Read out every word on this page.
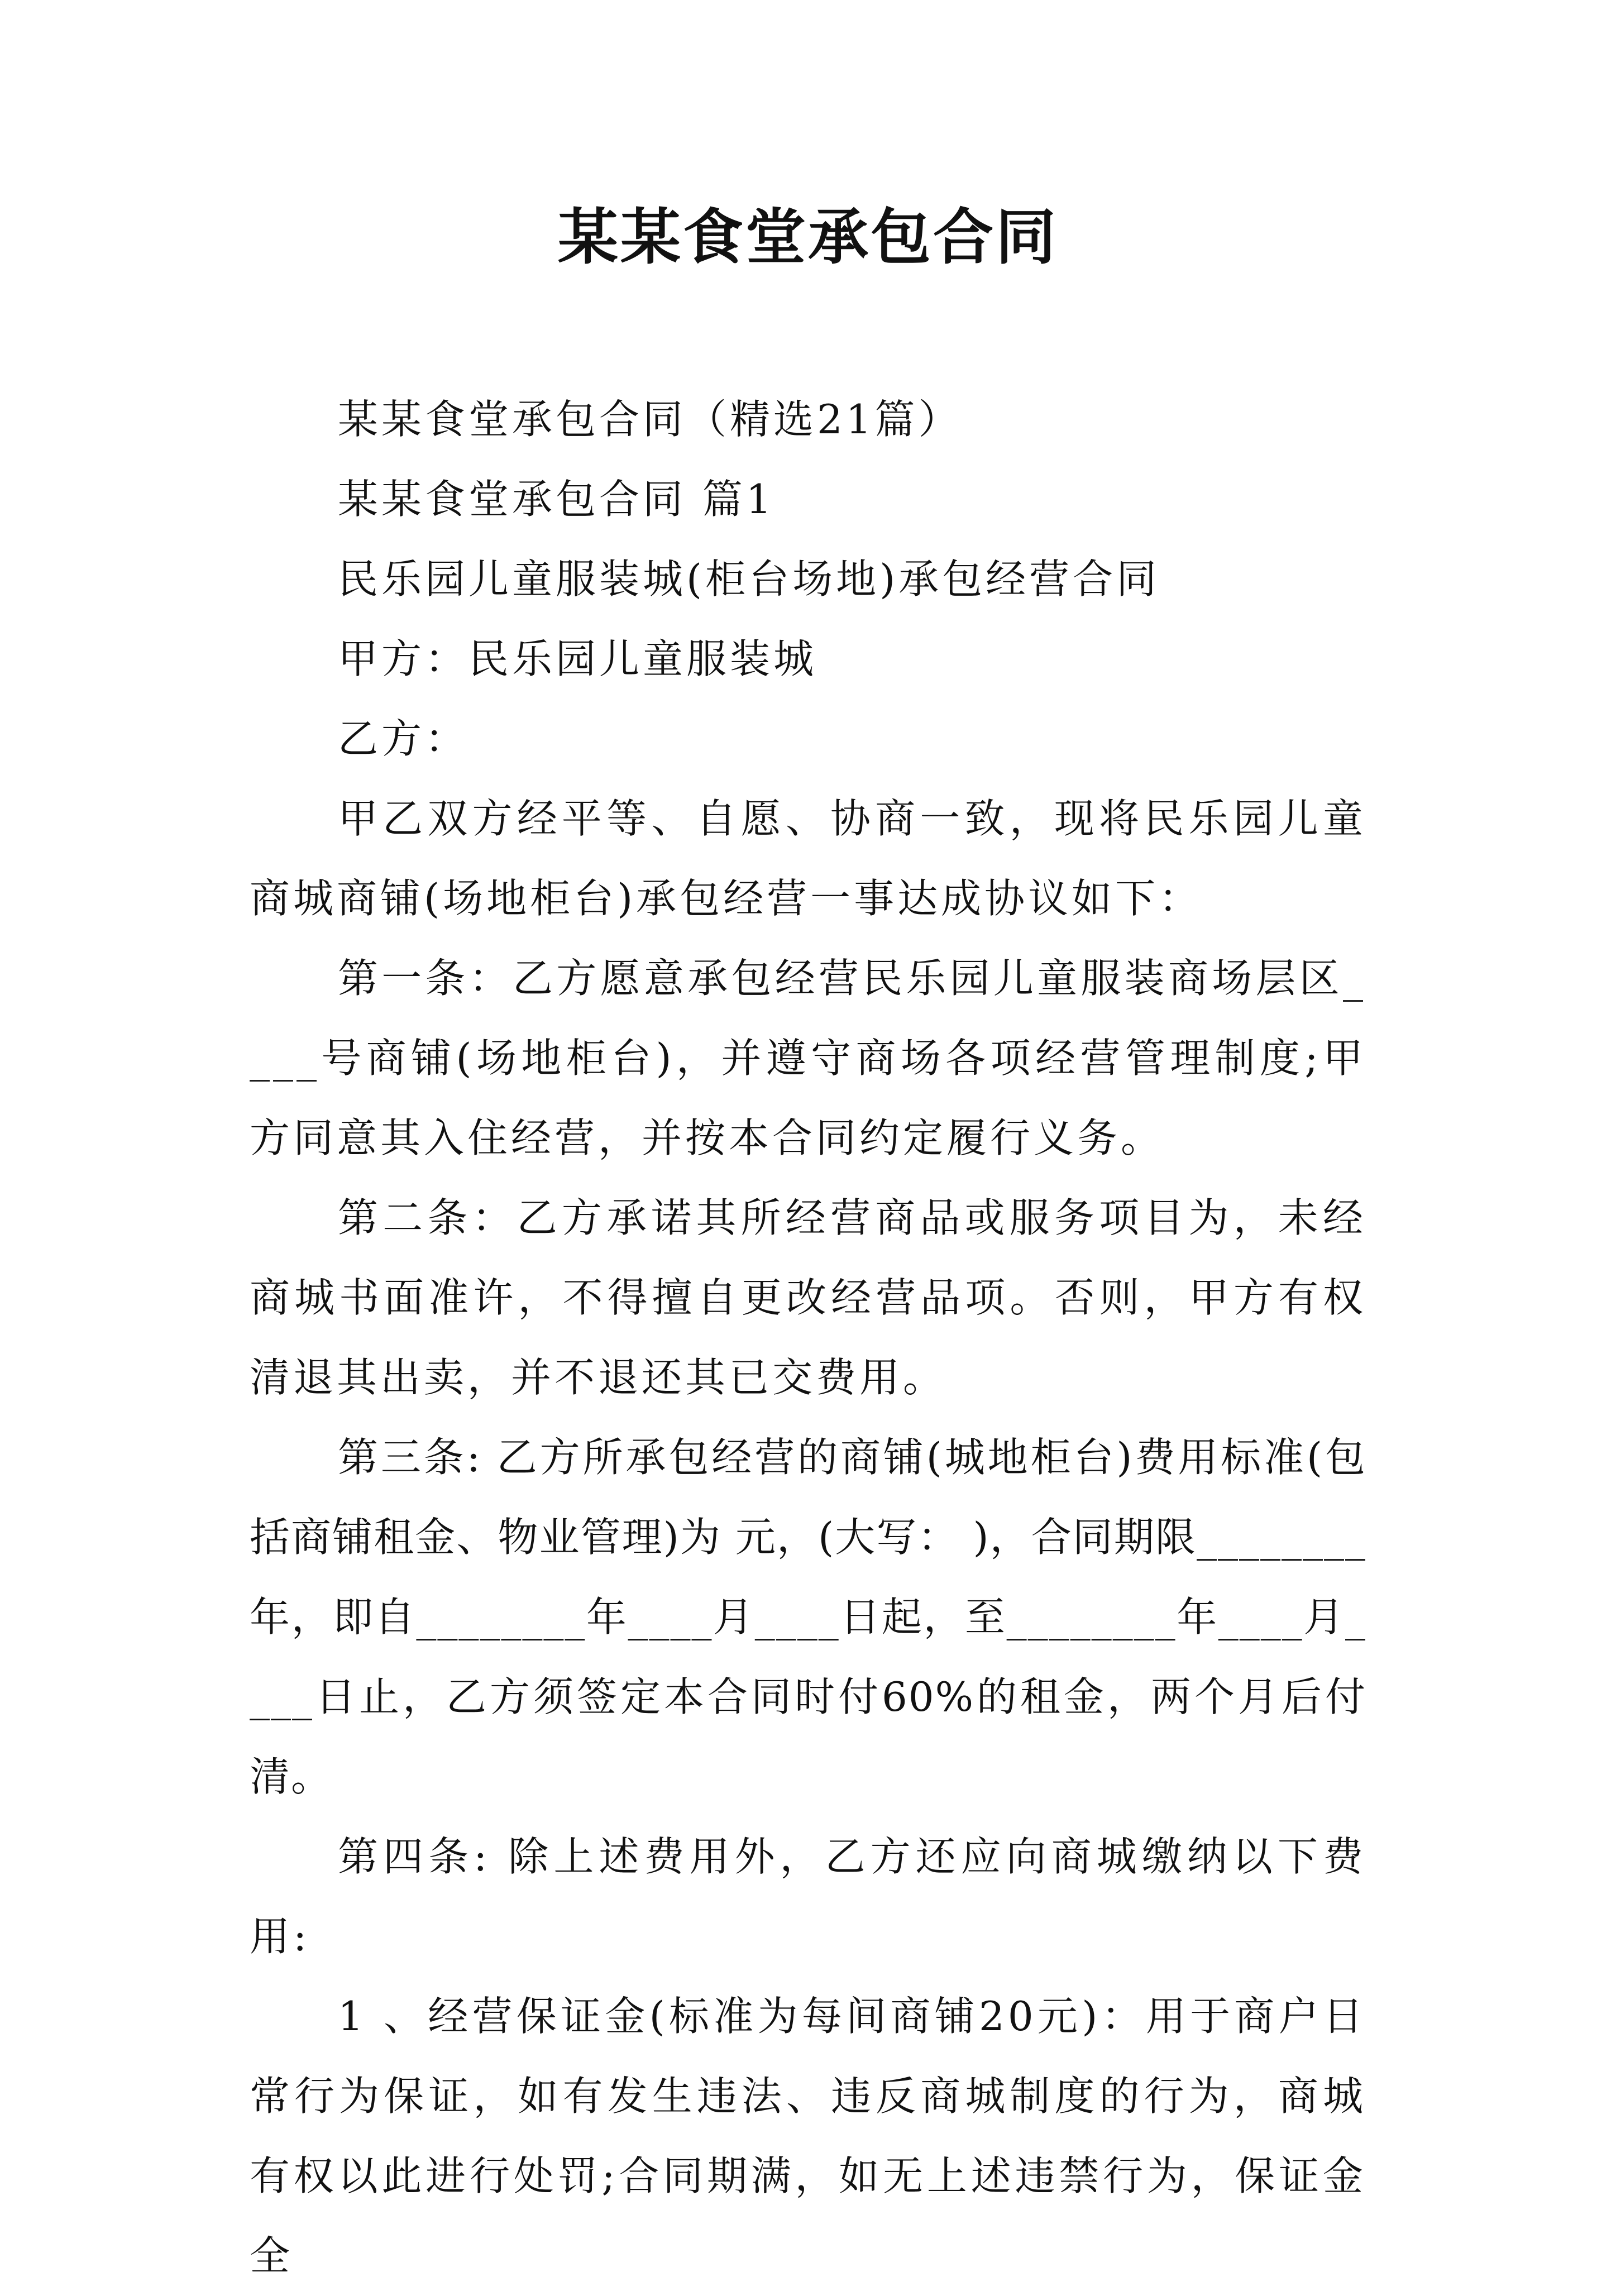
某某食堂承包合同

某某食堂承包合同（精选21篇）

某某食堂承包合同 篇1

民乐园儿童服装城(柜台场地)承包经营合同

甲方：民乐园儿童服装城

乙方：

甲乙双方经平等、自愿、协商一致，现将民乐园儿童商城商铺(场地柜台)承包经营一事达成协议如下：

第一条：乙方愿意承包经营民乐园儿童服装商场层区____号商铺(场地柜台)，并遵守商场各项经营管理制度;甲方同意其入住经营，并按本合同约定履行义务。

第二条：乙方承诺其所经营商品或服务项目为，未经商城书面准许，不得擅自更改经营品项。否则，甲方有权清退其出卖，并不退还其已交费用。

第三条: 乙方所承包经营的商铺(城地柜台)费用标准(包括商铺租金、物业管理)为 元，(大写： )，合同期限________年，即自________年____月____日起，至________年____月____日止，乙方须签定本合同时付60%的租金，两个月后付清。

第四条: 除上述费用外，乙方还应向商城缴纳以下费用:

1 、经营保证金(标准为每间商铺20元)：用于商户日常行为保证，如有发生违法、违反商城制度的行为，商城有权以此进行处罚;合同期满，如无上述违禁行为，保证金全
